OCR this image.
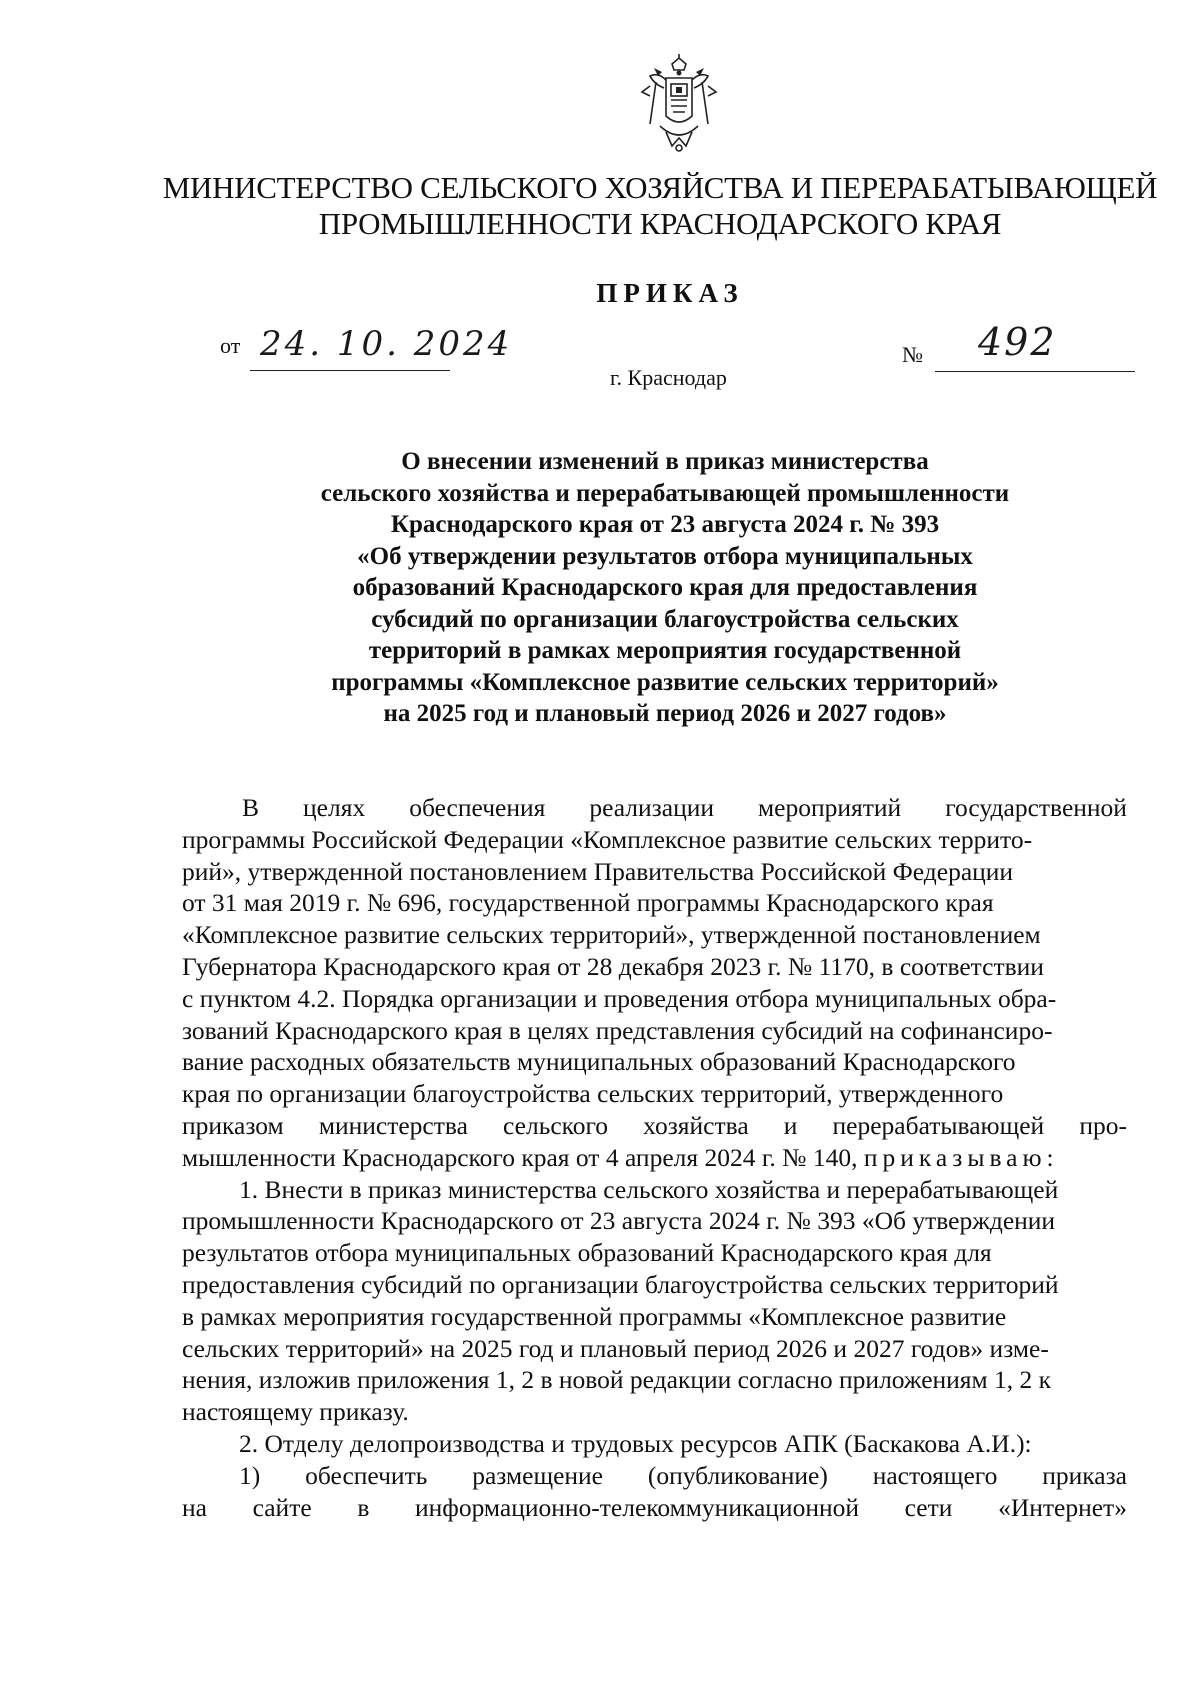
МИНИСТЕРСТВО СЕЛЬСКОГО ХОЗЯЙСТВА И ПЕРЕРАБАТЫВАЮЩЕЙ
ПРОМЫШЛЕННОСТИ КРАСНОДАРСКОГО КРАЯ
ПРИКАЗ
от 24. 10. 2024	№ 492
г. Краснодар
О внесении изменений в приказ министерства
сельского хозяйства и перерабатывающей промышленности
Краснодарского края от 23 августа 2024 г. № 393
«Об утверждении результатов отбора муниципальных
образований Краснодарского края для предоставления
субсидий по организации благоустройства сельских
территорий в рамках мероприятия государственной
программы «Комплексное развитие сельских территорий»
на 2025 год и плановый период 2026 и 2027 годов»
В целях обеспечения реализации мероприятий государственной
программы Российской Федерации «Комплексное развитие сельских террито-
рий», утвержденной постановлением Правительства Российской Федерации
от 31 мая 2019 г. № 696, государственной программы Краснодарского края
«Комплексное развитие сельских территорий», утвержденной постановлением
Губернатора Краснодарского края от 28 декабря 2023 г. № 1170, в соответствии
с пунктом 4.2. Порядка организации и проведения отбора муниципальных обра-
зований Краснодарского края в целях представления субсидий на софинансиро-
вание расходных обязательств муниципальных образований Краснодарского
края по организации благоустройства сельских территорий, утвержденного
приказом министерства сельского хозяйства и перерабатывающей про-
мышленности Краснодарского края от 4 апреля 2024 г. № 140,
приказываю:
1. Внести в приказ министерства сельского хозяйства и перерабатывающей
промышленности Краснодарского от 23 августа 2024 г. № 393 «Об утверждении
результатов отбора муниципальных образований Краснодарского края для
предоставления субсидий по организации благоустройства сельских территорий
в рамках мероприятия государственной программы «Комплексное развитие
сельских территорий» на 2025 год и плановый период 2026 и 2027 годов» изме-
нения, изложив приложения 1, 2 в новой редакции согласно приложениям 1, 2 к
настоящему приказу.
2. Отделу делопроизводства и трудовых ресурсов АПК (Баскакова А.И.):
1) обеспечить размещение (опубликование) настоящего приказа
на сайте в информационно-телекоммуникационной сети «Интернет»
